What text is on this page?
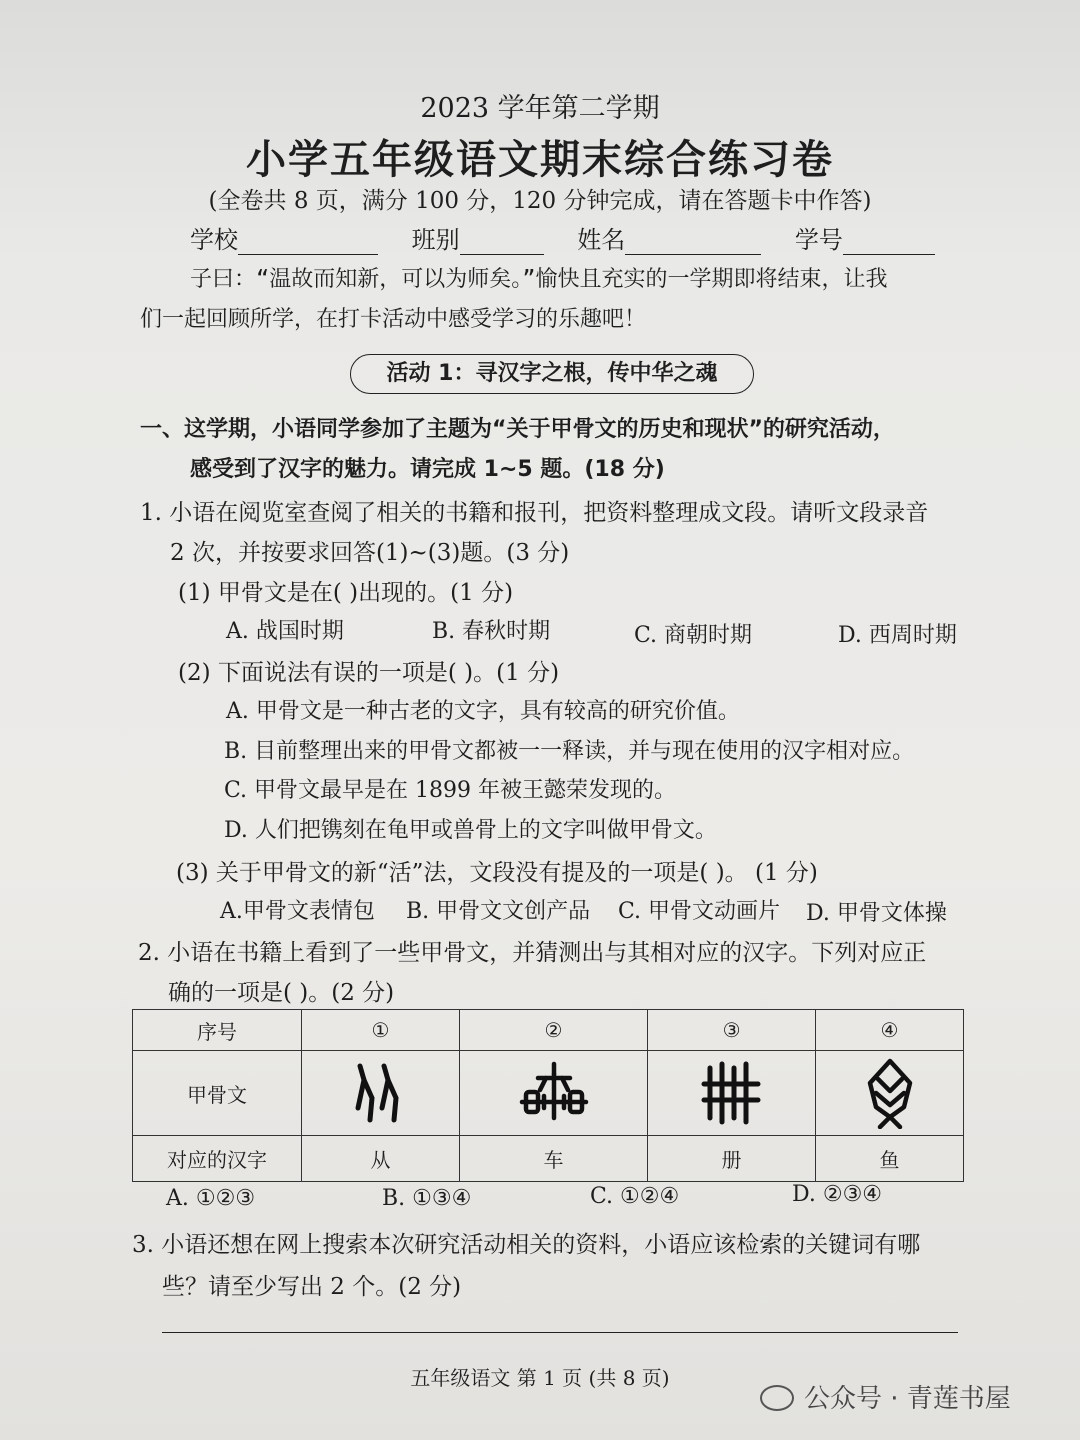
2023 学年第二学期
小学五年级语文期末综合练习卷
(全卷共 8 页，满分 100 分，120 分钟完成，请在答题卡中作答)
学校	班别	姓名	学号
子曰：“温故而知新，可以为师矣。”愉快且充实的一学期即将结束，让我
们一起回顾所学，在打卡活动中感受学习的乐趣吧！
活动 1：寻汉字之根，传中华之魂
一、这学期，小语同学参加了主题为“关于甲骨文的历史和现状”的研究活动，
感受到了汉字的魅力。请完成 1~5 题。(18 分)
1. 小语在阅览室查阅了相关的书籍和报刊，把资料整理成文段。请听文段录音
2 次，并按要求回答(1)~(3)题。(3 分)
(1) 甲骨文是在( )出现的。(1 分)
A. 战国时期	B. 春秋时期	C. 商朝时期	D. 西周时期
(2) 下面说法有误的一项是( )。(1 分)
A. 甲骨文是一种古老的文字，具有较高的研究价值。
B. 目前整理出来的甲骨文都被一一释读，并与现在使用的汉字相对应。
C. 甲骨文最早是在 1899 年被王懿荣发现的。
D. 人们把镌刻在龟甲或兽骨上的文字叫做甲骨文。
(3) 关于甲骨文的新“活”法，文段没有提及的一项是( )。 (1 分)
A.甲骨文表情包 B. 甲骨文文创产品 C. 甲骨文动画片 D. 甲骨文体操
2. 小语在书籍上看到了一些甲骨文，并猜测出与其相对应的汉字。下列对应正
确的一项是( )。(2 分)
序号	①	②	③	④
甲骨文	

对应的汉字	从	车	册	鱼
A. ①②③	B. ①③④	C. ①②④	D. ②③④
3. 小语还想在网上搜索本次研究活动相关的资料，小语应该检索的关键词有哪
些？请至少写出 2 个。(2 分)
五年级语文 第 1 页 (共 8 页)
公众号 · 青莲书屋
